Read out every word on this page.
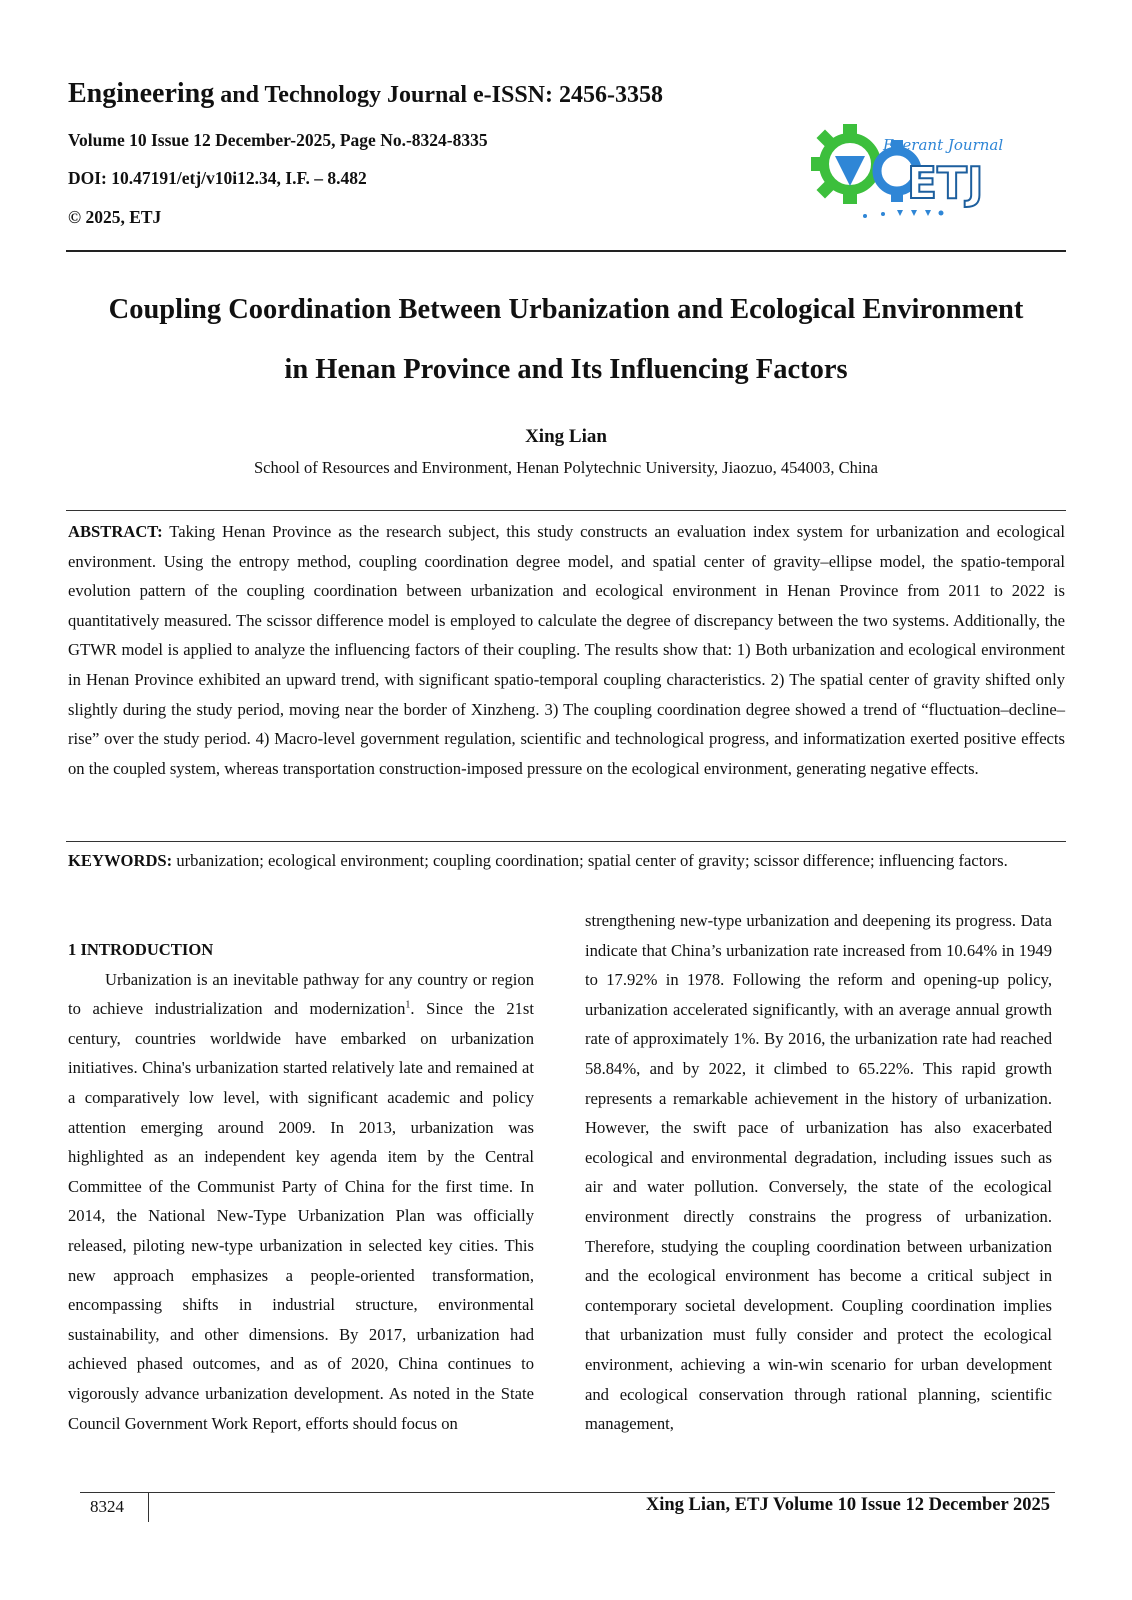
Engineering and Technology Journal e-ISSN: 2456-3358
Volume 10 Issue 12 December-2025, Page No.-8324-8335
DOI: 10.47191/etj/v10i12.34, I.F. – 8.482
© 2025, ETJ
Everant Journal
ETJ
Coupling Coordination Between Urbanization and Ecological Environment
in Henan Province and Its Influencing Factors
Xing Lian
School of Resources and Environment, Henan Polytechnic University, Jiaozuo, 454003, China
ABSTRACT: Taking Henan Province as the research subject, this study constructs an evaluation index system for urbanization and ecological environment. Using the entropy method, coupling coordination degree model, and spatial center of gravity–ellipse model, the spatio-temporal evolution pattern of the coupling coordination between urbanization and ecological environment in Henan Province from 2011 to 2022 is quantitatively measured. The scissor difference model is employed to calculate the degree of discrepancy between the two systems. Additionally, the GTWR model is applied to analyze the influencing factors of their coupling. The results show that: 1) Both urbanization and ecological environment in Henan Province exhibited an upward trend, with significant spatio-temporal coupling characteristics. 2) The spatial center of gravity shifted only slightly during the study period, moving near the border of Xinzheng. 3) The coupling coordination degree showed a trend of “fluctuation–decline–rise” over the study period. 4) Macro-level government regulation, scientific and technological progress, and informatization exerted positive effects on the coupled system, whereas transportation construction-imposed pressure on the ecological environment, generating negative effects.
KEYWORDS: urbanization; ecological environment; coupling coordination; spatial center of gravity; scissor difference; influencing factors.

1 INTRODUCTION

Urbanization is an inevitable pathway for any country or region to achieve industrialization and modernization$^1$. Since the 21st century, countries worldwide have embarked on urbanization initiatives. China's urbanization started relatively late and remained at a comparatively low level, with significant academic and policy attention emerging around 2009. In 2013, urbanization was highlighted as an independent key agenda item by the Central Committee of the Communist Party of China for the first time. In 2014, the National New-Type Urbanization Plan was officially released, piloting new-type urbanization in selected key cities. This new approach emphasizes a people-oriented transformation, encompassing shifts in industrial structure, environmental sustainability, and other dimensions. By 2017, urbanization had achieved phased outcomes, and as of 2020, China continues to vigorously advance urbanization development. As noted in the State Council Government Work Report, efforts should focus on

strengthening new-type urbanization and deepening its progress. Data indicate that China’s urbanization rate increased from 10.64% in 1949 to 17.92% in 1978. Following the reform and opening-up policy, urbanization accelerated significantly, with an average annual growth rate of approximately 1%. By 2016, the urbanization rate had reached 58.84%, and by 2022, it climbed to 65.22%. This rapid growth represents a remarkable achievement in the history of urbanization. However, the swift pace of urbanization has also exacerbated ecological and environmental degradation, including issues such as air and water pollution. Conversely, the state of the ecological environment directly constrains the progress of urbanization. Therefore, studying the coupling coordination between urbanization and the ecological environment has become a critical subject in contemporary societal development. Coupling coordination implies that urbanization must fully consider and protect the ecological environment, achieving a win-win scenario for urban development and ecological conservation through rational planning, scientific management,

8324	Xing Lian, ETJ Volume 10 Issue 12 December 2025
